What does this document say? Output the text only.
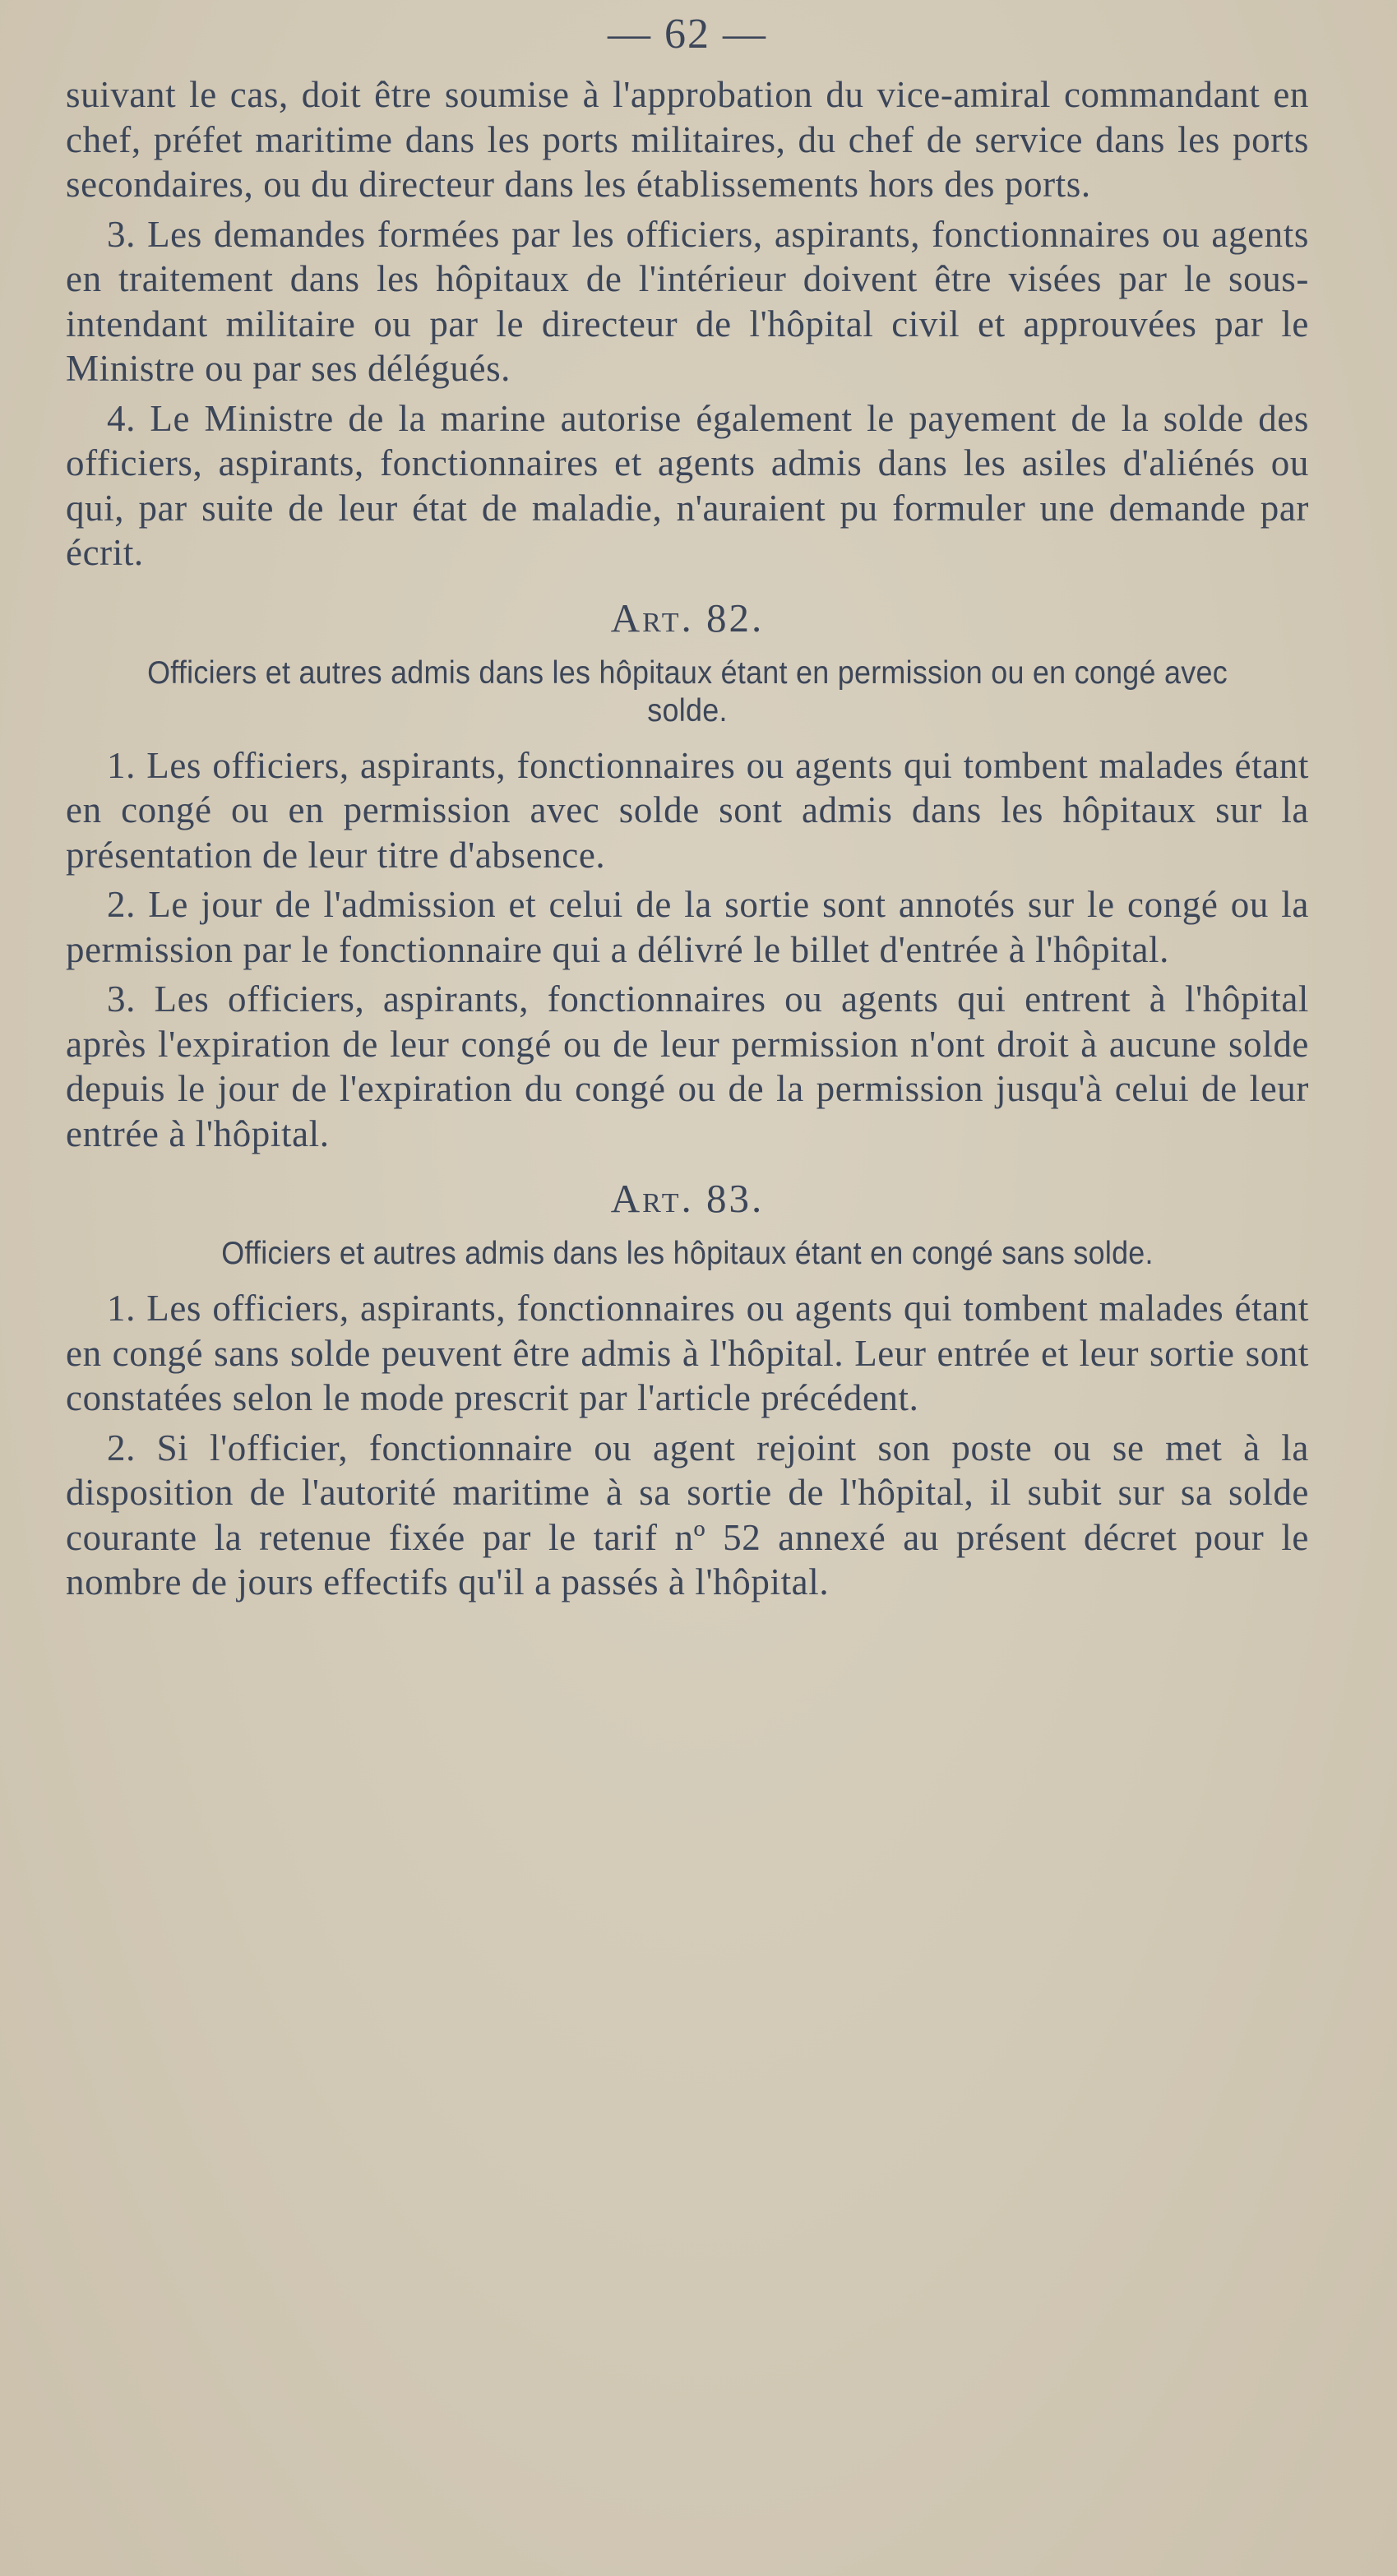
— 62 —

suivant le cas, doit être soumise à l'approbation du vice-amiral commandant en chef, préfet maritime dans les ports militaires, du chef de service dans les ports secondaires, ou du directeur dans les établissements hors des ports.

3. Les demandes formées par les officiers, aspirants, fonctionnaires ou agents en traitement dans les hôpitaux de l'intérieur doivent être visées par le sous-intendant militaire ou par le directeur de l'hôpital civil et approuvées par le Ministre ou par ses délégués.

4. Le Ministre de la marine autorise également le payement de la solde des officiers, aspirants, fonctionnaires et agents admis dans les asiles d'aliénés ou qui, par suite de leur état de maladie, n'auraient pu formuler une demande par écrit.

Art. 82.
Officiers et autres admis dans les hôpitaux étant en permission ou en congé avec solde.

1. Les officiers, aspirants, fonctionnaires ou agents qui tombent malades étant en congé ou en permission avec solde sont admis dans les hôpitaux sur la présentation de leur titre d'absence.

2. Le jour de l'admission et celui de la sortie sont annotés sur le congé ou la permission par le fonctionnaire qui a délivré le billet d'entrée à l'hôpital.

3. Les officiers, aspirants, fonctionnaires ou agents qui entrent à l'hôpital après l'expiration de leur congé ou de leur permission n'ont droit à aucune solde depuis le jour de l'expiration du congé ou de la permission jusqu'à celui de leur entrée à l'hôpital.

Art. 83.
Officiers et autres admis dans les hôpitaux étant en congé sans solde.

1. Les officiers, aspirants, fonctionnaires ou agents qui tombent malades étant en congé sans solde peuvent être admis à l'hôpital. Leur entrée et leur sortie sont constatées selon le mode prescrit par l'article précédent.

2. Si l'officier, fonctionnaire ou agent rejoint son poste ou se met à la disposition de l'autorité maritime à sa sortie de l'hôpital, il subit sur sa solde courante la retenue fixée par le tarif nº 52 annexé au présent décret pour le nombre de jours effectifs qu'il a passés à l'hôpital.
